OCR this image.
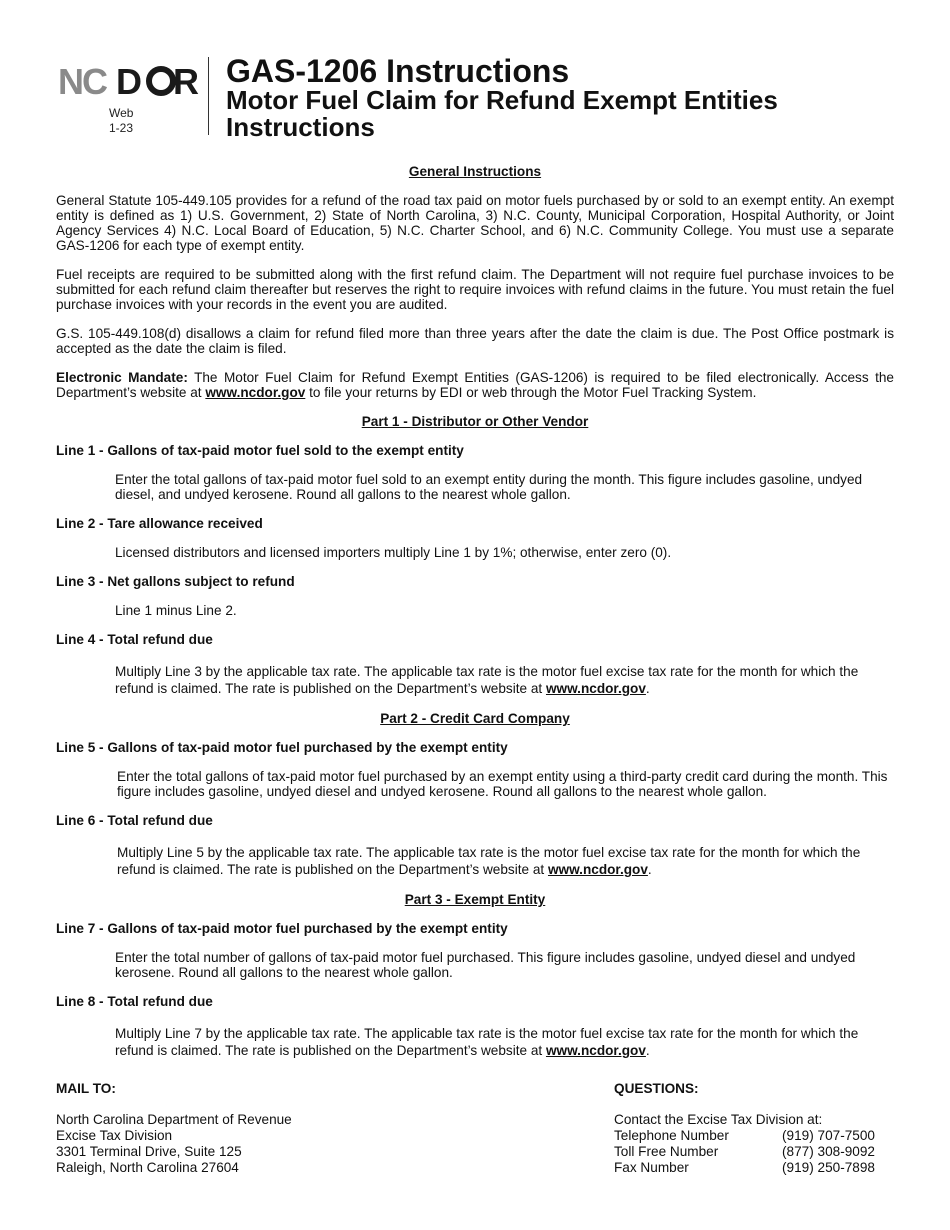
NC D R
Web
1-23
GAS-1206 Instructions
Motor Fuel Claim for Refund Exempt Entities
Instructions
General Instructions

General Statute 105-449.105 provides for a refund of the road tax paid on motor fuels purchased by or sold to an exempt entity. An exempt entity is defined as 1) U.S. Government, 2) State of North Carolina, 3) N.C. County, Municipal Corporation, Hospital Authority, or Joint Agency Services 4) N.C. Local Board of Education, 5) N.C. Charter School, and 6) N.C. Community College. You must use a separate GAS-1206 for each type of exempt entity.

Fuel receipts are required to be submitted along with the first refund claim. The Department will not require fuel purchase invoices to be submitted for each refund claim thereafter but reserves the right to require invoices with refund claims in the future. You must retain the fuel purchase invoices with your records in the event you are audited.

G.S. 105-449.108(d) disallows a claim for refund filed more than three years after the date the claim is due. The Post Office postmark is accepted as the date the claim is filed.

Electronic Mandate: The Motor Fuel Claim for Refund Exempt Entities (GAS-1206) is required to be filed electronically. Access the Department’s website at www.ncdor.gov to file your returns by EDI or web through the Motor Fuel Tracking System.

Part 1 - Distributor or Other Vendor
Line 1 - Gallons of tax-paid motor fuel sold to the exempt entity

Enter the total gallons of tax-paid motor fuel sold to an exempt entity during the month. This figure includes gasoline, undyed diesel, and undyed kerosene. Round all gallons to the nearest whole gallon.

Line 2 - Tare allowance received

Licensed distributors and licensed importers multiply Line 1 by 1%; otherwise, enter zero (0).

Line 3 - Net gallons subject to refund

Line 1 minus Line 2.

Line 4 - Total refund due

Multiply Line 3 by the applicable tax rate. The applicable tax rate is the motor fuel excise tax rate for the month for which the refund is claimed. The rate is published on the Department’s website at www.ncdor.gov.

Part 2 - Credit Card Company
Line 5 - Gallons of tax-paid motor fuel purchased by the exempt entity

Enter the total gallons of tax-paid motor fuel purchased by an exempt entity using a third-party credit card during the month. This figure includes gasoline, undyed diesel and undyed kerosene. Round all gallons to the nearest whole gallon.

Line 6 - Total refund due

Multiply Line 5 by the applicable tax rate. The applicable tax rate is the motor fuel excise tax rate for the month for which the refund is claimed. The rate is published on the Department’s website at www.ncdor.gov.

Part 3 - Exempt Entity
Line 7 - Gallons of tax-paid motor fuel purchased by the exempt entity

Enter the total number of gallons of tax-paid motor fuel purchased. This figure includes gasoline, undyed diesel and undyed kerosene. Round all gallons to the nearest whole gallon.

Line 8 - Total refund due

Multiply Line 7 by the applicable tax rate. The applicable tax rate is the motor fuel excise tax rate for the month for which the refund is claimed. The rate is published on the Department’s website at www.ncdor.gov.

MAIL TO:
North Carolina Department of Revenue
Excise Tax Division
3301 Terminal Drive, Suite 125
Raleigh, North Carolina 27604
QUESTIONS:
Contact the Excise Tax Division at:
Telephone Number	(919) 707-7500
Toll Free Number	(877) 308-9092
Fax Number	(919) 250-7898
